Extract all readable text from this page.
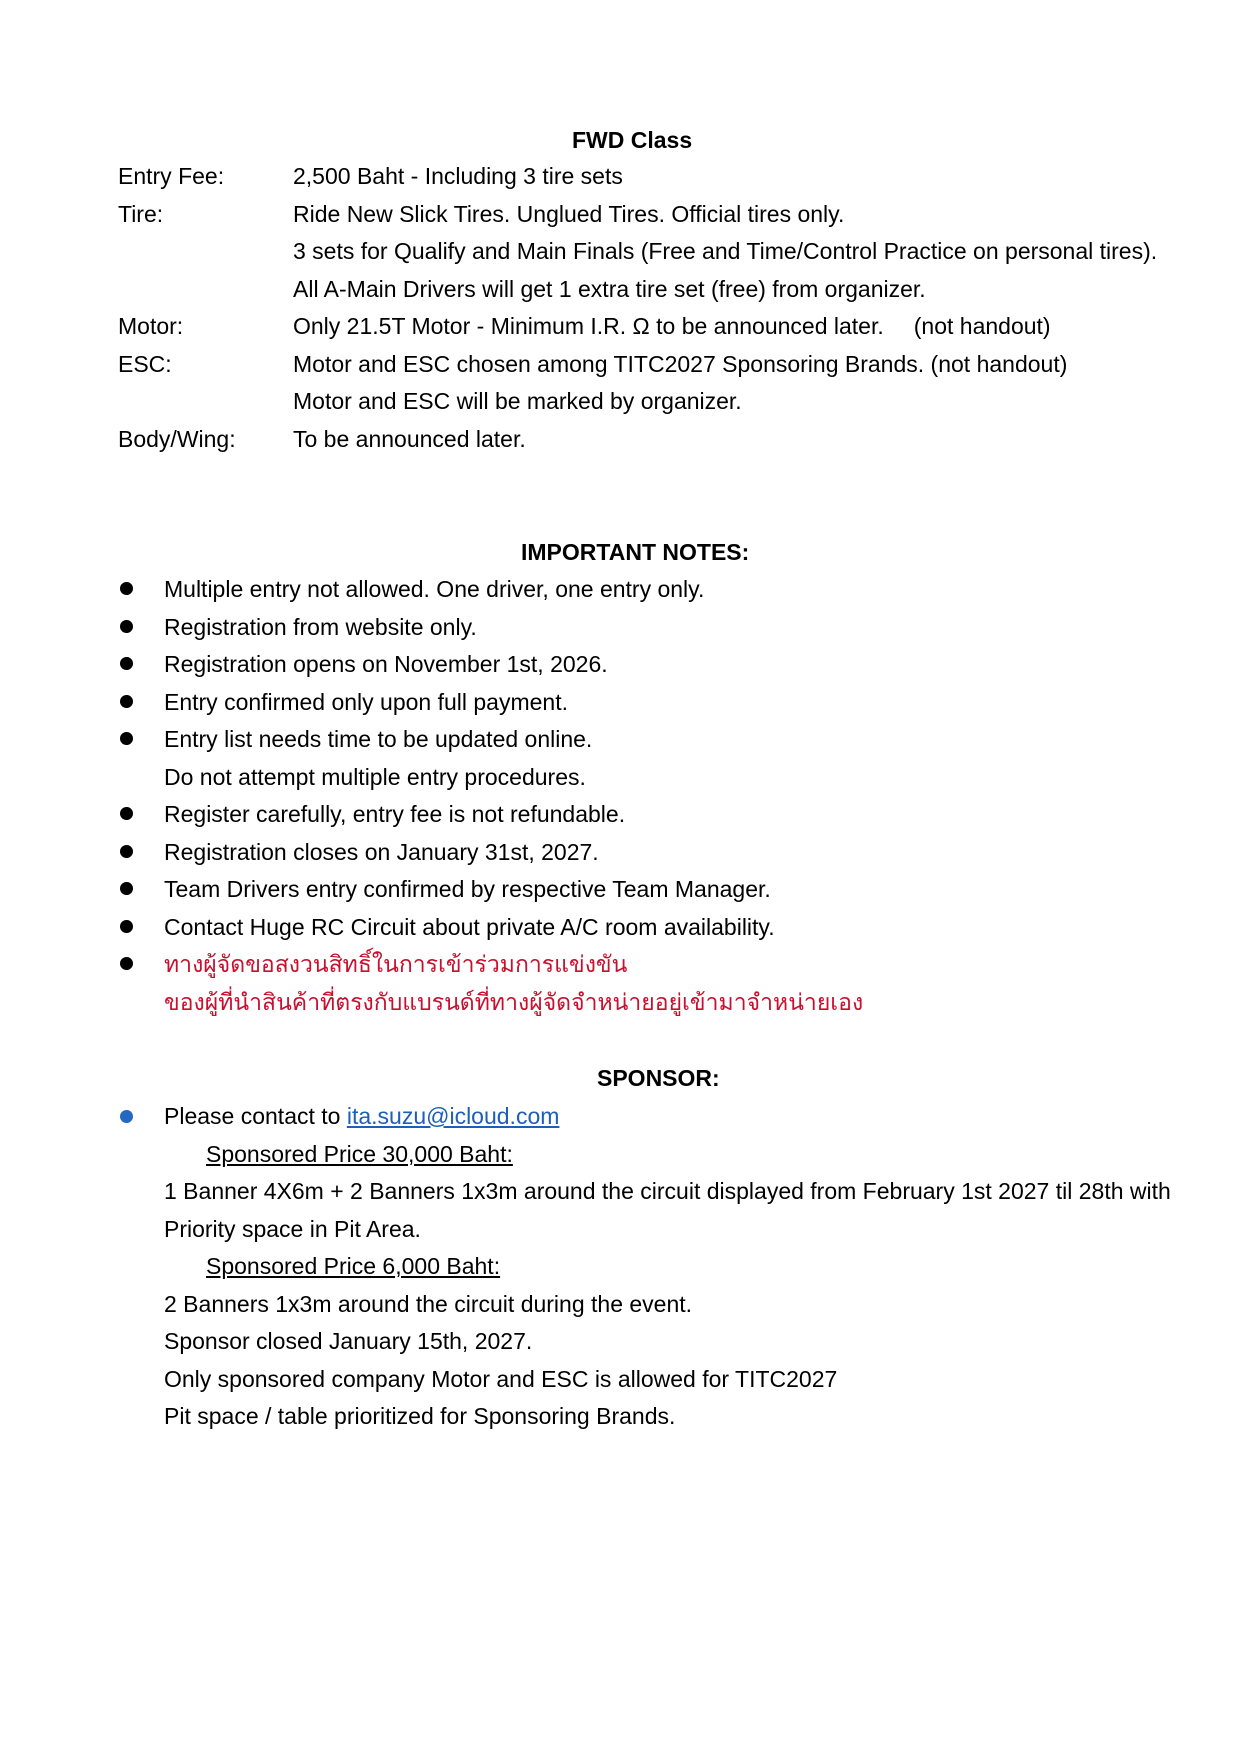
FWD Class
Entry Fee:	2,500 Baht - Including 3 tire sets
Tire:	Ride New Slick Tires. Unglued Tires. Official tires only.
3 sets for Qualify and Main Finals (Free and Time/Control Practice on personal tires).
All A-Main Drivers will get 1 extra tire set (free) from organizer.
Motor:	Only 21.5T Motor - Minimum I.R. Ω to be announced later. (not handout)
ESC:	Motor and ESC chosen among TITC2027 Sponsoring Brands. (not handout)
Motor and ESC will be marked by organizer.
Body/Wing: To be announced later.
IMPORTANT NOTES:
Multiple entry not allowed. One driver, one entry only.
Registration from website only.
Registration opens on November 1st, 2026.
Entry confirmed only upon full payment.
Entry list needs time to be updated online.
Do not attempt multiple entry procedures.
Register carefully, entry fee is not refundable.
Registration closes on January 31st, 2027.
Team Drivers entry confirmed by respective Team Manager.
Contact Huge RC Circuit about private A/C room availability.
ทางผู้จัดขอสงวนสิทธิ์ในการเข้าร่วมการแข่งขัน
ของผู้ที่นำสินค้าที่ตรงกับแบรนด์ที่ทางผู้จัดจำหน่ายอยู่เข้ามาจำหน่ายเอง
SPONSOR:
Please contact to ita.suzu@icloud.com
Sponsored Price 30,000 Baht:
1 Banner 4X6m + 2 Banners 1x3m around the circuit displayed from February 1st 2027 til 28th with
Priority space in Pit Area.
Sponsored Price 6,000 Baht:
2 Banners 1x3m around the circuit during the event.
Sponsor closed January 15th, 2027.
Only sponsored company Motor and ESC is allowed for TITC2027
Pit space / table prioritized for Sponsoring Brands.
